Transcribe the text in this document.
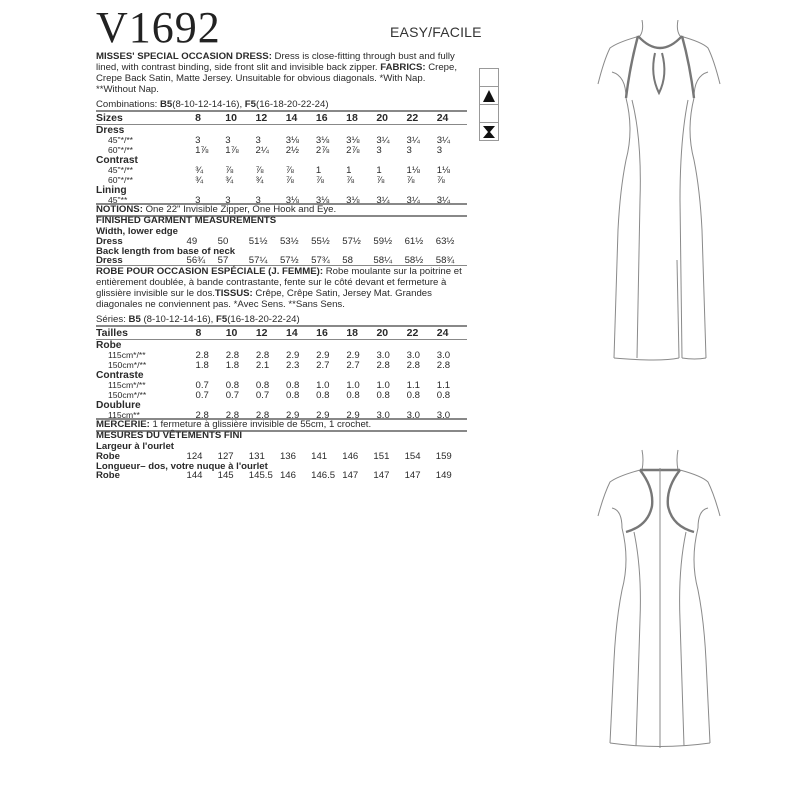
V1692	EASY/FACILE
MISSES' SPECIAL OCCASION DRESS: Dress is close-fitting through bust and fully lined, with contrast binding, side front slit and invisible back zipper. FABRICS: Crepe, Crepe Back Satin, Matte Jersey. Unsuitable for obvious diagonals. *With Nap. **Without Nap.
Combinations: B5(8-10-12-14-16), F5(16-18-20-22-24)
Sizes	8	10	12	14	16	18	20	22	24
Dress									
45"*/**	3	3	3	3⅛	3⅛	3⅛	3¼	3¼	3¼
60"*/**	1⅞	1⅞	2¼	2½	2⅞	2⅞	3	3	3
Contrast									
45"*/**	¾	⅞	⅞	⅞	1	1	1	1⅛	1⅛
60"*/**	¾	¾	¾	⅞	⅞	⅞	⅞	⅞	⅞
Lining									
45"**	3	3	3	3⅛	3⅛	3⅛	3¼	3¼	3¼
NOTIONS: One 22" Invisible Zipper, One Hook and Eye.
FINISHED GARMENT MEASUREMENTS
Width, lower edge
Dress	49	50	51½	53½	55½	57½	59½	61½	63½
Back length from base of neck
Dress	56¾	57	57¼	57½	57¾	58	58¼	58½	58¾
ROBE POUR OCCASION ESPÉCIALE (J. FEMME): Robe moulante sur la poitrine et entièrement doublée, à bande contrastante, fente sur le côté devant et fermeture à glissière invisible sur le dos.TISSUS: Crêpe, Crêpe Satin, Jersey Mat. Grandes diagonales ne conviennent pas. *Avec Sens. **Sans Sens.
Séries: B5 (8-10-12-14-16), F5(16-18-20-22-24)
Tailles	8	10	12	14	16	18	20	22	24
Robe									
115cm*/**	2.8	2.8	2.8	2.9	2.9	2.9	3.0	3.0	3.0
150cm*/**	1.8	1.8	2.1	2.3	2.7	2.7	2.8	2.8	2.8
Contraste									
115cm*/**	0.7	0.8	0.8	0.8	1.0	1.0	1.0	1.1	1.1
150cm*/**	0.7	0.7	0.7	0.8	0.8	0.8	0.8	0.8	0.8
Doublure									
115cm**	2.8	2.8	2.8	2.9	2.9	2.9	3.0	3.0	3.0
MERCERIE: 1 fermeture à glissière invisible de 55cm, 1 crochet.
MESURES DU VÊTEMENTS FINI
Largeur à l'ourlet
Robe	124	127	131	136	141	146	151	154	159
Longueur– dos, votre nuque à l'ourlet
Robe	144	145	145.5	146	146.5	147	147	147	149
